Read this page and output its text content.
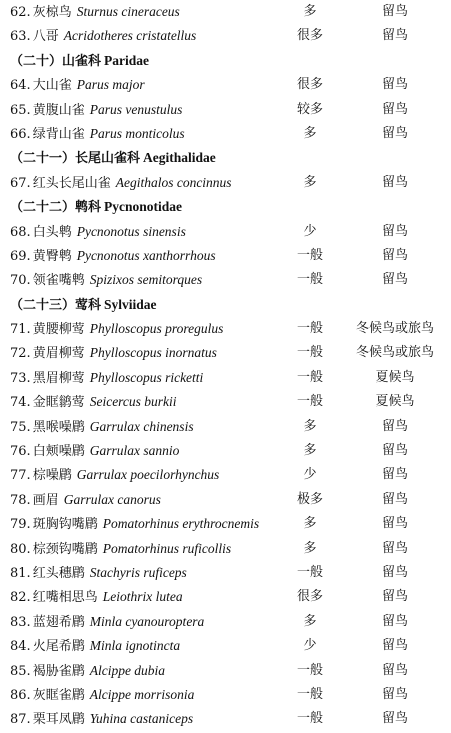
62. 灰椋鸟 Sturnus cineraceus	多	留鸟
63. 八哥 Acridotheres cristatellus	很多	留鸟
（二十）山雀科 Paridae
64. 大山雀 Parus major	很多	留鸟
65. 黄腹山雀 Parus venustulus	较多	留鸟
66. 绿背山雀 Parus monticolus	多	留鸟
（二十一）长尾山雀科 Aegithalidae
67. 红头长尾山雀 Aegithalos concinnus	多	留鸟
（二十二）鹎科 Pycnonotidae
68. 白头鹎 Pycnonotus sinensis	少	留鸟
69. 黄臀鹎 Pycnonotus xanthorrhous	一般	留鸟
70. 领雀嘴鹎 Spizixos semitorques	一般	留鸟
（二十三）莺科 Sylviidae
71. 黄腰柳莺 Phylloscopus proregulus	一般	冬候鸟或旅鸟
72. 黄眉柳莺 Phylloscopus inornatus	一般	冬候鸟或旅鸟
73. 黑眉柳莺 Phylloscopus ricketti	一般	夏候鸟
74. 金眶鹟莺 Seicercus burkii	一般	夏候鸟
75. 黑喉噪鹛 Garrulax chinensis	多	留鸟
76. 白颊噪鹛 Garrulax sannio	多	留鸟
77. 棕噪鹛 Garrulax poecilorhynchus	少	留鸟
78. 画眉 Garrulax canorus	极多	留鸟
79. 斑胸钩嘴鹛 Pomatorhinus erythrocnemis	多	留鸟
80. 棕颈钩嘴鹛 Pomatorhinus ruficollis	多	留鸟
81. 红头穗鹛 Stachyris ruficeps	一般	留鸟
82. 红嘴相思鸟 Leiothrix lutea	很多	留鸟
83. 蓝翅希鹛 Minla cyanouroptera	多	留鸟
84. 火尾希鹛 Minla ignotincta	少	留鸟
85. 褐胁雀鹛 Alcippe dubia	一般	留鸟
86. 灰眶雀鹛 Alcippe morrisonia	一般	留鸟
87. 栗耳凤鹛 Yuhina castaniceps	一般	留鸟
